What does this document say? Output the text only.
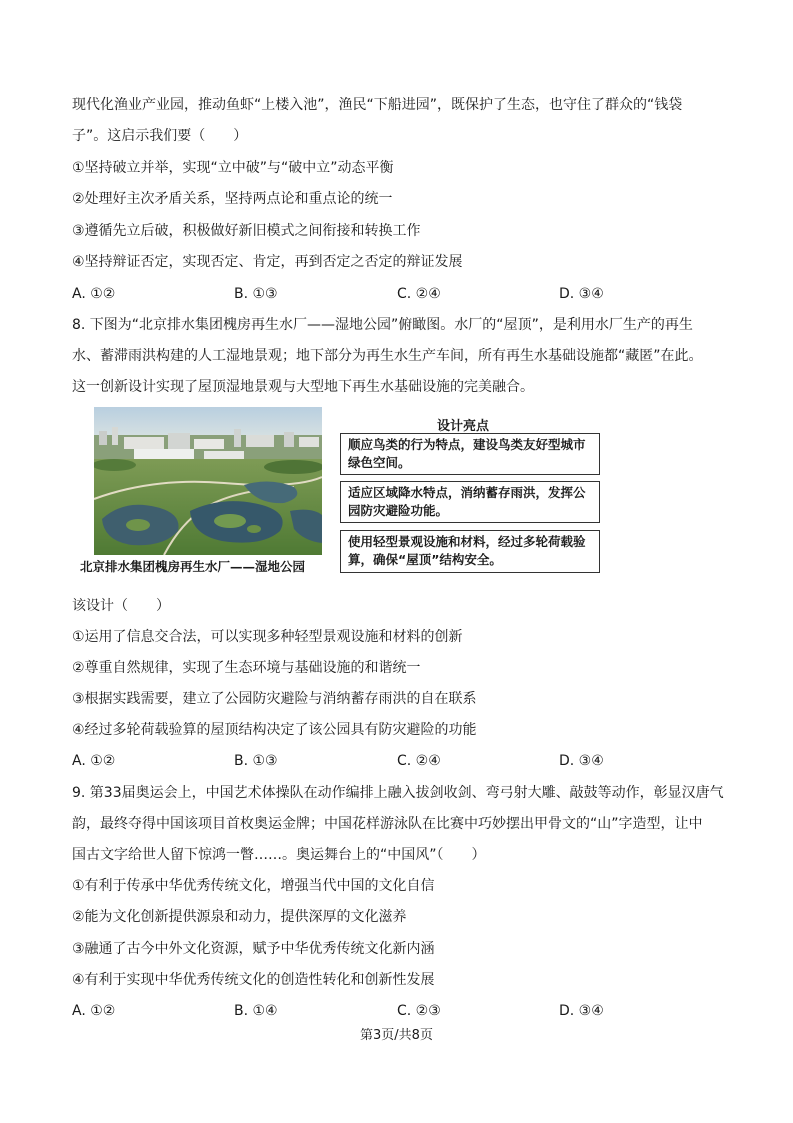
现代化渔业产业园，推动鱼虾“上楼入池”，渔民“下船进园”，既保护了生态，也守住了群众的“钱袋
子”。这启示我们要（　　）
①坚持破立并举，实现“立中破”与“破中立”动态平衡
②处理好主次矛盾关系，坚持两点论和重点论的统一
③遵循先立后破，积极做好新旧模式之间衔接和转换工作
④坚持辩证否定，实现否定、肯定，再到否定之否定的辩证发展
A. ①②	B. ①③	C. ②④	D. ③④
8. 下图为“北京排水集团槐房再生水厂——湿地公园”俯瞰图。水厂的“屋顶”，是利用水厂生产的再生
水、蓄滞雨洪构建的人工湿地景观；地下部分为再生水生产车间，所有再生水基础设施都“藏匿”在此。
这一创新设计实现了屋顶湿地景观与大型地下再生水基础设施的完美融合。
北京排水集团槐房再生水厂——湿地公园
设计亮点
顺应鸟类的行为特点，建设鸟类友好型城市绿色空间。
适应区域降水特点，消纳蓄存雨洪，发挥公园防灾避险功能。
使用轻型景观设施和材料，经过多轮荷载验算，确保“屋顶”结构安全。
该设计（　　）
①运用了信息交合法，可以实现多种轻型景观设施和材料的创新
②尊重自然规律，实现了生态环境与基础设施的和谐统一
③根据实践需要，建立了公园防灾避险与消纳蓄存雨洪的自在联系
④经过多轮荷载验算的屋顶结构决定了该公园具有防灾避险的功能
A. ①②	B. ①③	C. ②④	D. ③④
9. 第33届奥运会上，中国艺术体操队在动作编排上融入拔剑收剑、弯弓射大雕、敲鼓等动作，彰显汉唐气
韵，最终夺得中国该项目首枚奥运金牌；中国花样游泳队在比赛中巧妙摆出甲骨文的“山”字造型，让中
国古文字给世人留下惊鸿一瞥……。奥运舞台上的“中国风”（　　）
①有利于传承中华优秀传统文化，增强当代中国的文化自信
②能为文化创新提供源泉和动力，提供深厚的文化滋养
③融通了古今中外文化资源，赋予中华优秀传统文化新内涵
④有利于实现中华优秀传统文化的创造性转化和创新性发展
A. ①②	B. ①④	C. ②③	D. ③④
第3页/共8页
